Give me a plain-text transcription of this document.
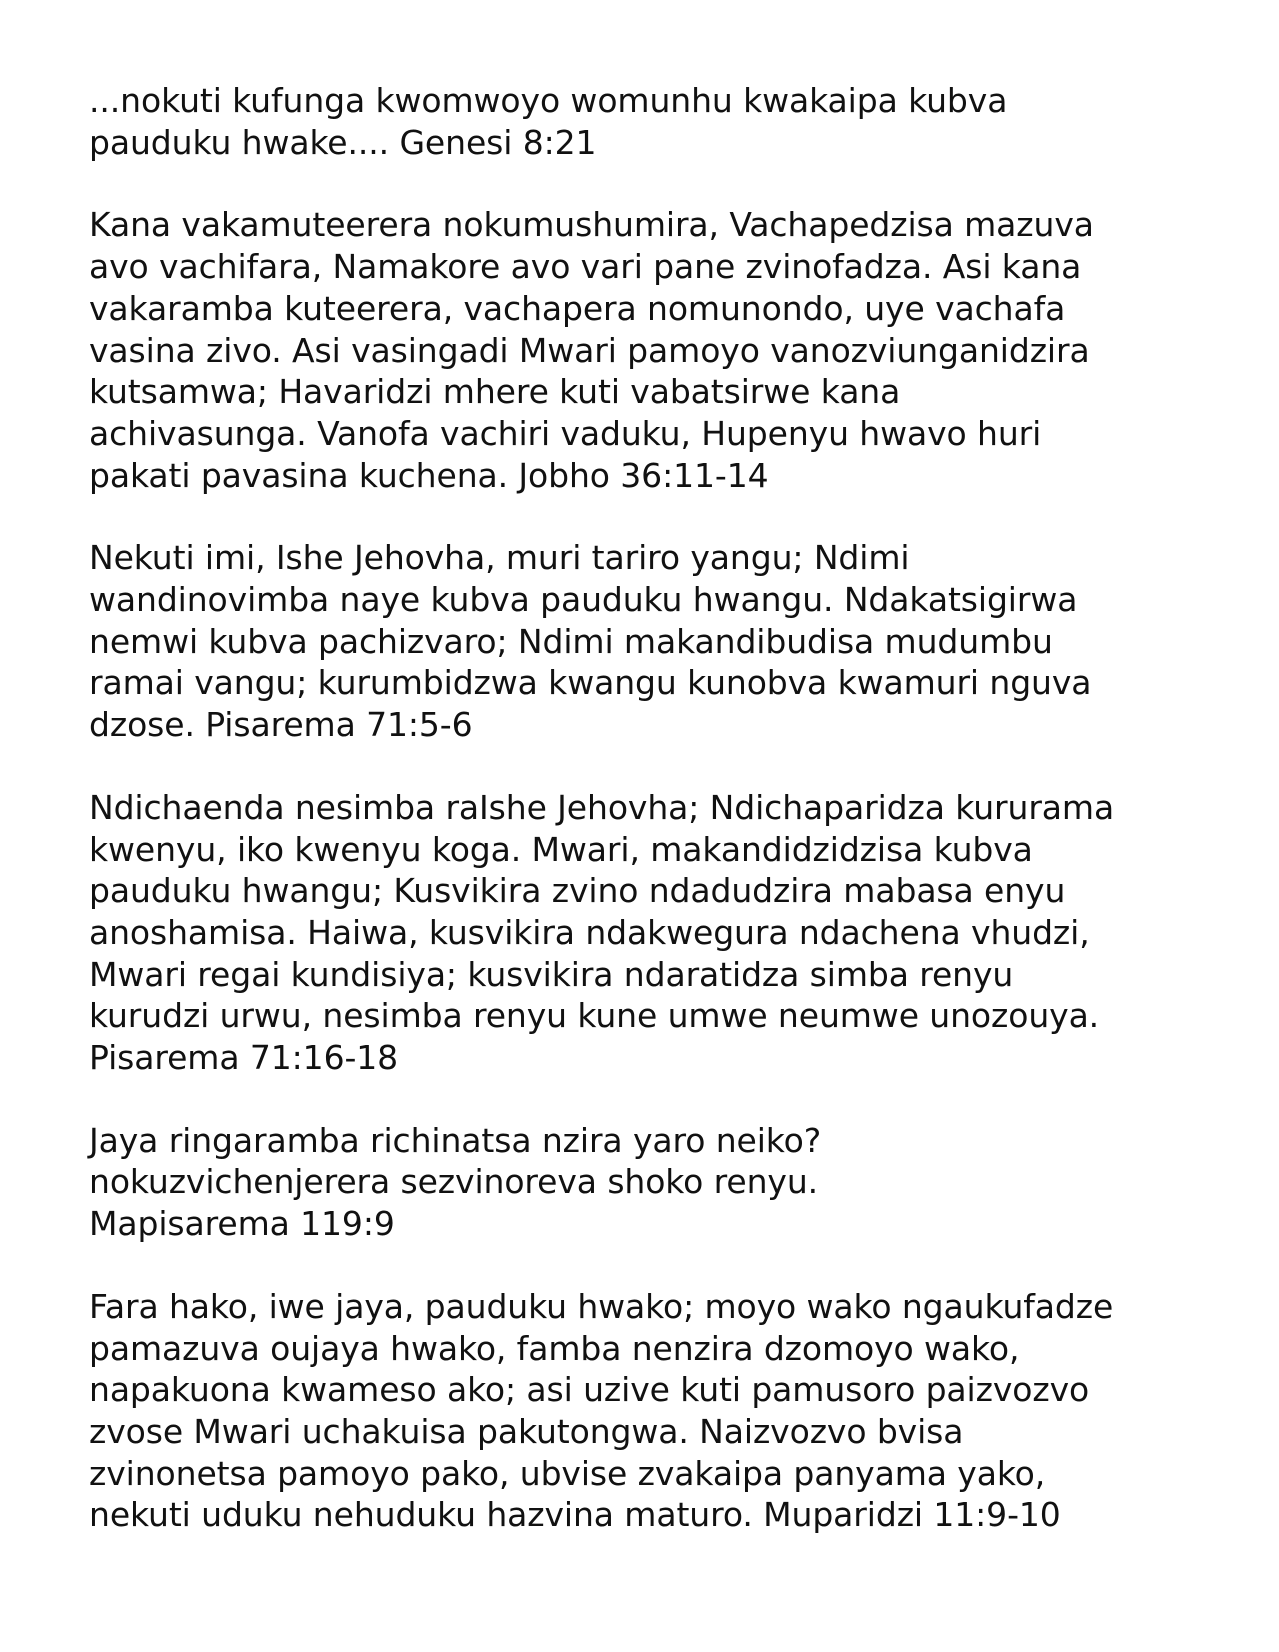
...nokuti kufunga kwomwoyo womunhu kwakaipa kubva
pauduku hwake.... Genesi 8:21

Kana vakamuteerera nokumushumira, Vachapedzisa mazuva
avo vachifara, Namakore avo vari pane zvinofadza. Asi kana
vakaramba kuteerera, vachapera nomunondo, uye vachafa
vasina zivo. Asi vasingadi Mwari pamoyo vanozviunganidzira
kutsamwa; Havaridzi mhere kuti vabatsirwe kana
achivasunga. Vanofa vachiri vaduku, Hupenyu hwavo huri
pakati pavasina kuchena. Jobho 36:11-14

Nekuti imi, Ishe Jehovha, muri tariro yangu; Ndimi
wandinovimba naye kubva pauduku hwangu. Ndakatsigirwa
nemwi kubva pachizvaro; Ndimi makandibudisa mudumbu
ramai vangu; kurumbidzwa kwangu kunobva kwamuri nguva
dzose. Pisarema 71:5-6

Ndichaenda nesimba raIshe Jehovha; Ndichaparidza kururama
kwenyu, iko kwenyu koga. Mwari, makandidzidzisa kubva
pauduku hwangu; Kusvikira zvino ndadudzira mabasa enyu
anoshamisa. Haiwa, kusvikira ndakwegura ndachena vhudzi,
Mwari regai kundisiya; kusvikira ndaratidza simba renyu
kurudzi urwu, nesimba renyu kune umwe neumwe unozouya.
Pisarema 71:16-18

Jaya ringaramba richinatsa nzira yaro neiko?
nokuzvichenjerera sezvinoreva shoko renyu.
Mapisarema 119:9

Fara hako, iwe jaya, pauduku hwako; moyo wako ngaukufadze
pamazuva oujaya hwako, famba nenzira dzomoyo wako,
napakuona kwameso ako; asi uzive kuti pamusoro paizvozvo
zvose Mwari uchakuisa pakutongwa. Naizvozvo bvisa
zvinonetsa pamoyo pako, ubvise zvakaipa panyama yako,
nekuti uduku nehuduku hazvina maturo. Muparidzi 11:9-10
